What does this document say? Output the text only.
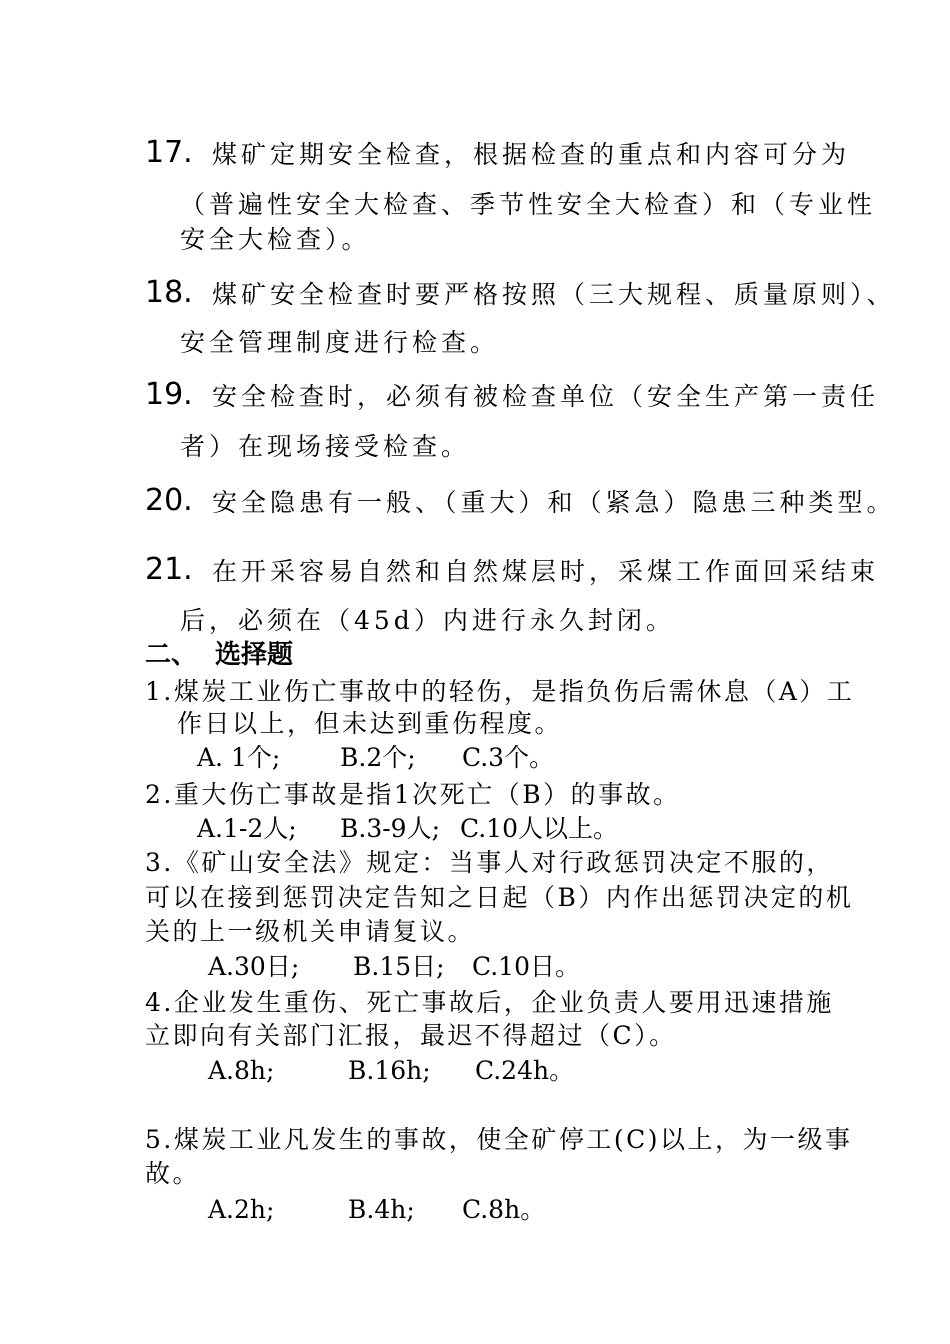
17. 煤矿定期安全检查，根据检查的重点和内容可分为
（普遍性安全大检查、季节性安全大检查）和（专业性
安全大检查）。
18. 煤矿安全检查时要严格按照（三大规程、质量原则）、
安全管理制度进行检查。
19. 安全检查时，必须有被检查单位（安全生产第一责任
者）在现场接受检查。
20. 安全隐患有一般、（重大）和（紧急）隐患三种类型。
21. 在开采容易自然和自然煤层时，采煤工作面回采结束
后，必须在（45d）内进行永久封闭。
二、 选择题
1.煤炭工业伤亡事故中的轻伤，是指负伤后需休息（A）工
作日以上，但未达到重伤程度。
A. 1个; B.2个; C.3个。
2.重大伤亡事故是指1次死亡（B）的事故。
A.1-2人; B.3-9人; C.10人以上。
3.《矿山安全法》规定：当事人对行政惩罚决定不服的，
可以在接到惩罚决定告知之日起（B）内作出惩罚决定的机
关的上一级机关申请复议。
A.30日; B.15日; C.10日。
4.企业发生重伤、死亡事故后，企业负责人要用迅速措施
立即向有关部门汇报，最迟不得超过（C）。
A.8h;	B.16h; C.24h。
5.煤炭工业凡发生的事故，使全矿停工(C)以上，为一级事
故。
A.2h;	B.4h; C.8h。
